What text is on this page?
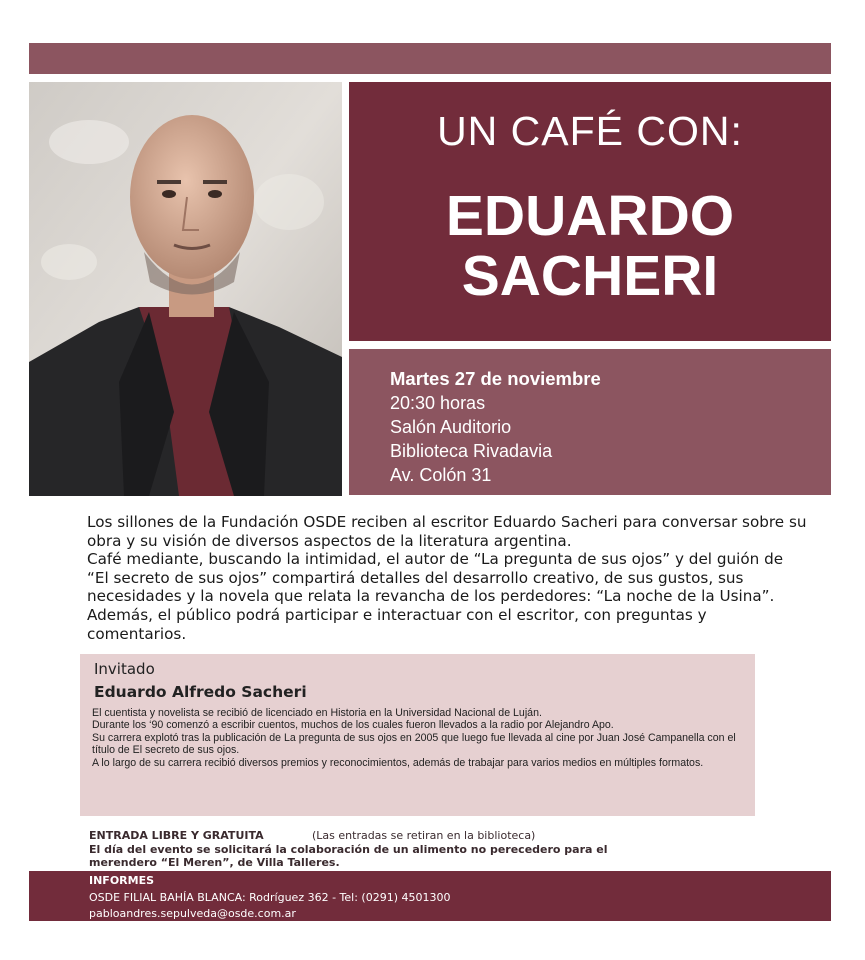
UN CAFÉ CON:
EDUARDO
SACHERI
Martes 27 de noviembre
20:30 horas
Salón Auditorio
Biblioteca Rivadavia
Av. Colón 31

Los sillones de la Fundación OSDE reciben al escritor Eduardo Sacheri para conversar sobre su obra y su visión de diversos aspectos de la literatura argentina.

Café mediante, buscando la intimidad, el autor de “La pregunta de sus ojos” y del guión de “El secreto de sus ojos” compartirá detalles del desarrollo creativo, de sus gustos, sus necesidades y la novela que relata la revancha de los perdedores: “La noche de la Usina”.

Además, el público podrá participar e interactuar con el escritor, con preguntas y comentarios.

Invitado
Eduardo Alfredo Sacheri

El cuentista y novelista se recibió de licenciado en Historia en la Universidad Nacional de Luján.

Durante los ‘90 comenzó a escribir cuentos, muchos de los cuales fueron llevados a la radio por Alejandro Apo.

Su carrera explotó tras la publicación de La pregunta de sus ojos en 2005 que luego fue llevada al cine por Juan José Campanella con el título de El secreto de sus ojos.

A lo largo de su carrera recibió diversos premios y reconocimientos, además de trabajar para varios medios en múltiples formatos.

ENTRADA LIBRE Y GRATUITA	(Las entradas se retiran en la biblioteca)
El día del evento se solicitará la colaboración de un alimento no perecedero para el merendero “El Meren”, de Villa Talleres.
INFORMES
OSDE FILIAL BAHÍA BLANCA: Rodríguez 362 - Tel: (0291) 4501300
pabloandres.sepulveda@osde.com.ar
